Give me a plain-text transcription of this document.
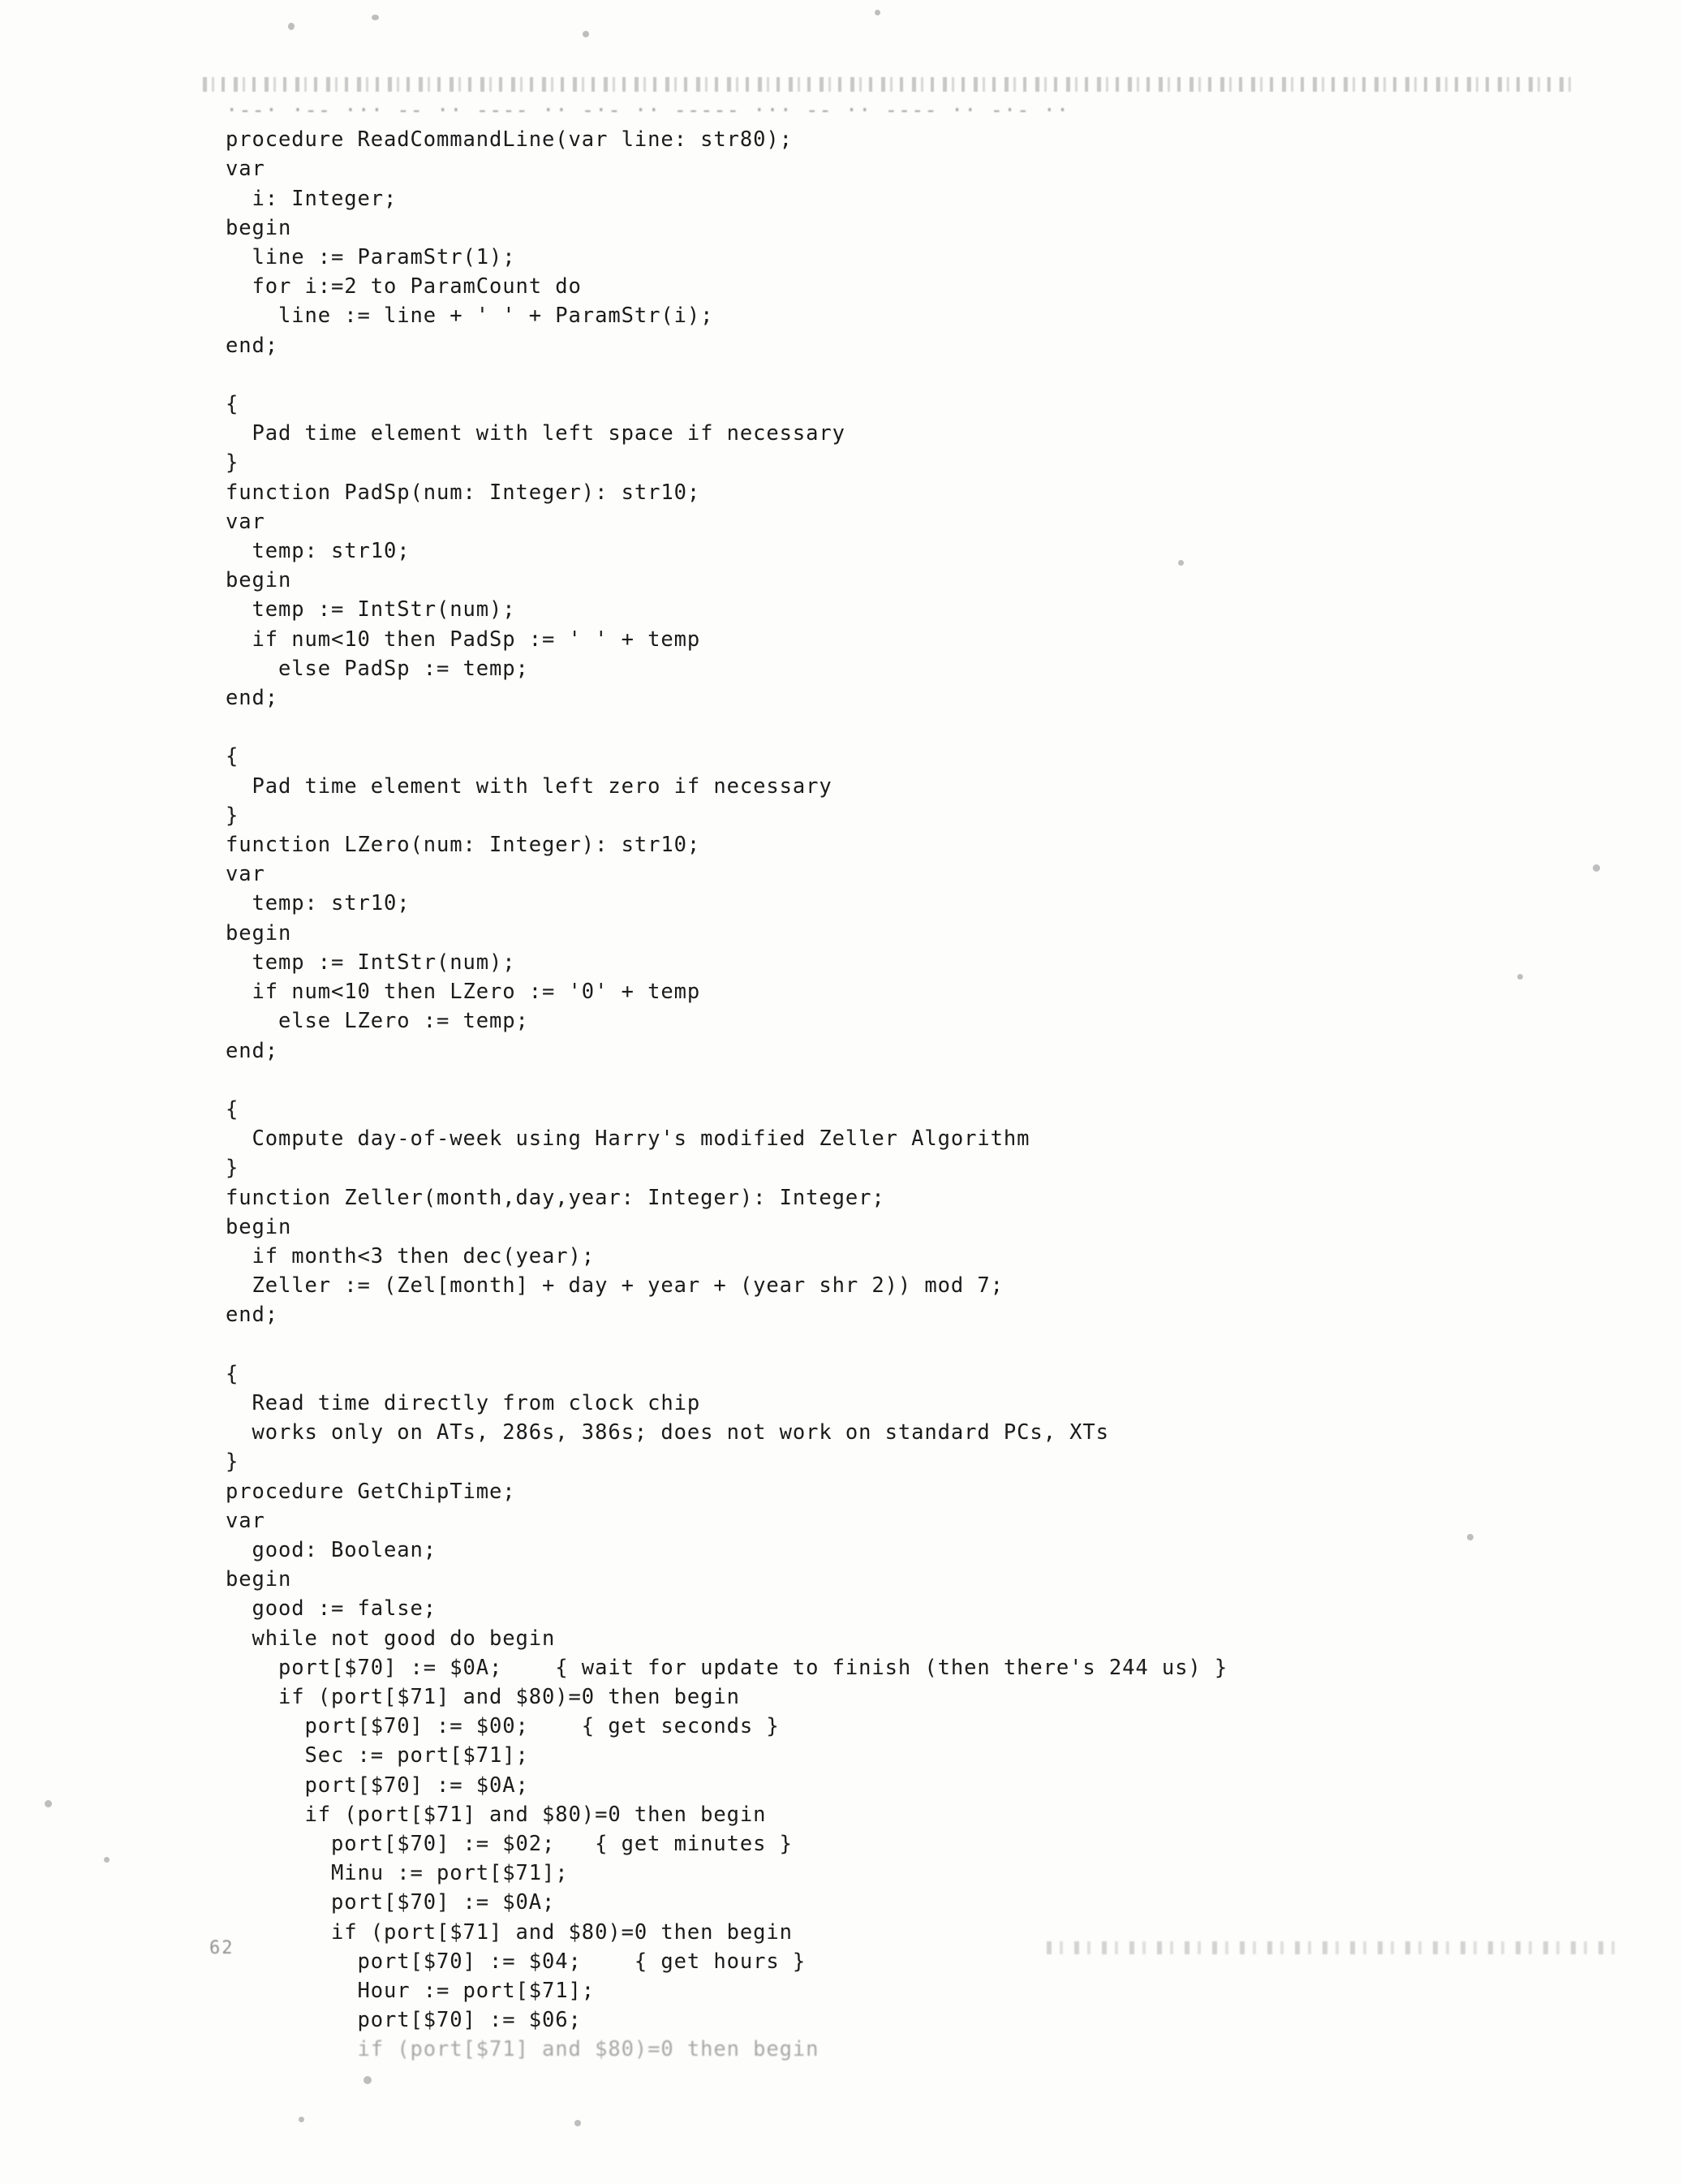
·--· ·-- ··· -- ·· ---- ·· -·- ·· ----- ··· -- ·· ---- ·· -·- ··
procedure ReadCommandLine(var line: str80);
var
i: Integer;
begin
line := ParamStr(1);
for i:=2 to ParamCount do
line := line + ' ' + ParamStr(i);
end;

{
Pad time element with left space if necessary
}
function PadSp(num: Integer): str10;
var
temp: str10;
begin
temp := IntStr(num);
if num<10 then PadSp := ' ' + temp
else PadSp := temp;
end;

{
Pad time element with left zero if necessary
}
function LZero(num: Integer): str10;
var
temp: str10;
begin
temp := IntStr(num);
if num<10 then LZero := '0' + temp
else LZero := temp;
end;

{
Compute day-of-week using Harry's modified Zeller Algorithm
}
function Zeller(month,day,year: Integer): Integer;
begin
if month<3 then dec(year);
Zeller := (Zel[month] + day + year + (year shr 2)) mod 7;
end;

{
Read time directly from clock chip
works only on ATs, 286s, 386s; does not work on standard PCs, XTs
}
procedure GetChipTime;
var
good: Boolean;
begin
good := false;
while not good do begin
port[$70] := $0A;    { wait for update to finish (then there's 244 us) }
if (port[$71] and $80)=0 then begin
port[$70] := $00;    { get seconds }
Sec := port[$71];
port[$70] := $0A;
if (port[$71] and $80)=0 then begin
port[$70] := $02;   { get minutes }
Minu := port[$71];
port[$70] := $0A;
if (port[$71] and $80)=0 then begin
port[$70] := $04;    { get hours }
Hour := port[$71];
port[$70] := $06;
if (port[$71] and $80)=0 then begin
62
